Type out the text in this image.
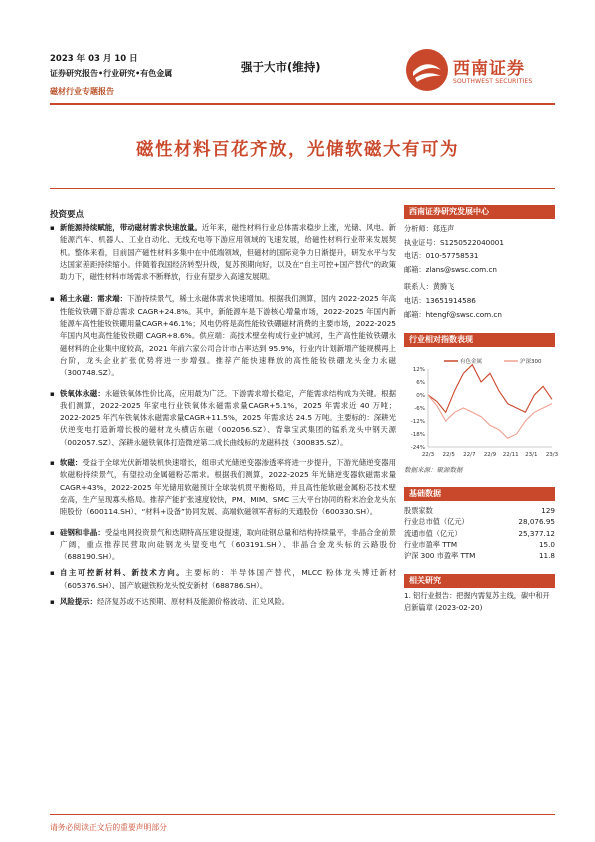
2023 年 03 月 10 日
证券研究报告•行业研究•有色金属	强于大市(维持)
磁材行业专题报告
西南证券
SOUTHWEST SECURITIES
磁性材料百花齐放，光储软磁大有可为
投资要点

▪ 新能源持续赋能，带动磁材需求快速放量。近年来，磁性材料行业总体需求稳步上涨，光储、风电、新能源汽车、机器人、工业自动化、无线充电等下游应用领域的飞速发展，给磁性材料行业带来发展契机。整体来看，目前国产磁性材料多集中在中低端领域，但磁材的国际竞争力日渐提升，研发水平与发达国家差距持续缩小。伴随着我国经济转型升级，复苏预期向好，以及在“自主可控+国产替代”的政策助力下，磁性材料市场需求不断释放，行业有望步入高速发展期。

▪ 稀土永磁：需求端：下游持续景气，稀土永磁体需求快速增加。根据我们测算，国内 2022-2025 年高性能钕铁硼下游总需求 CAGR+24.8%。其中，新能源车是下游核心增量市场，2022-2025 年国内新能源车高性能钕铁硼用量CAGR+46.1%；风电仍将是高性能钕铁硼磁材消费的主要市场，2022-2025 年国内风电高性能钕铁硼 CAGR+8.6%。供应端：高技术壁垒构成行业护城河，生产高性能钕铁硼永磁材料的企业集中度较高，2021 年前六家公司合计市占率达到 95.9%，行业内计划新增产能规模再上台阶，龙头企业扩张优势将进一步增强。推荐产能快速释放的高性能钕铁硼龙头金力永磁（300748.SZ）。

▪ 铁氧体永磁：永磁铁氧体性价比高，应用最为广泛。下游需求增长稳定，产能需求结构成为关键。根据我们测算，2022-2025 年家电行业铁氧体永磁需求量CAGR+5.1%，2025 年需求近 40 万吨；2022-2025 年汽车铁氧体永磁需求量CAGR+11.5%，2025 年需求达 24.5 万吨。主要标的：深耕光伏逆变电打造新增长极的磁材龙头横店东磁（002056.SZ）、背靠宝武集团的锰系龙头中钢天源（002057.SZ）、深耕永磁铁氧体打造微逆第二成长曲线标的龙磁科技（300835.SZ）。

▪ 软磁：受益于全球光伏新增装机快速增长，组串式光储逆变器渗透率将进一步提升，下游光储逆变器用软磁粉持续景气，有望拉动金属磁粉芯需求。根据我们测算，2022-2025 年光储逆变器软磁需求量 CAGR+43%，2022-2025 年光储用软磁预计全球装机贯平衡格局，并且高性能软磁金属粉芯技术壁垒高，生产呈现寡头格局。推荐产能扩张速度较快，PM、MIM、SMC 三大平台协同的粉末冶金龙头东睦股份（600114.SH）、“材料+设备”协同发展、高端软磁领军者标的天通股份（600330.SH）。

▪ 硅钢和非晶：受益电网投资景气和迭期特高压建设提速，取向硅钢总量和结构持续量平，非晶合金前景广阔，重点推荐民营取向硅钢龙头望变电气（603191.SH）、非晶合金龙头标的云路股份（688190.SH）。

▪ 自主可控新材料、新技术方向。主要标的：半导体国产替代，MLCC 粉体龙头博迁新材（605376.SH）、国产软磁铁粉龙头悦安新材（688786.SH）。

▪ 风险提示：经济复苏或不达预期、原材料及能源价格波动、汇兑风险。

西南证券研究发展中心
分析师：郑连声
执业证号：S1250522040001
电话：010-57758531
邮箱：zlans@swsc.com.cn
联系人：黄腾飞
电话：13651914586
邮箱：htengf@swsc.com.cn
行业相对指数表现
有色金属	沪深300
12%
6%
0%
-6%
-12%
-18%
-24%
22/3 22/5 22/7 22/9 22/11 23/1 23/3
数据来源：聚源数据
基础数据
股票家数	129
行业总市值（亿元）	28,076.95
流通市值（亿元）	25,377.12
行业市盈率 TTM	15.0
沪深 300 市盈率 TTM	11.8
相关研究
1. 铝行业报告：把握内需复苏主线，碳中和开启新篇章 (2023-02-20)
请务必阅读正文后的重要声明部分
